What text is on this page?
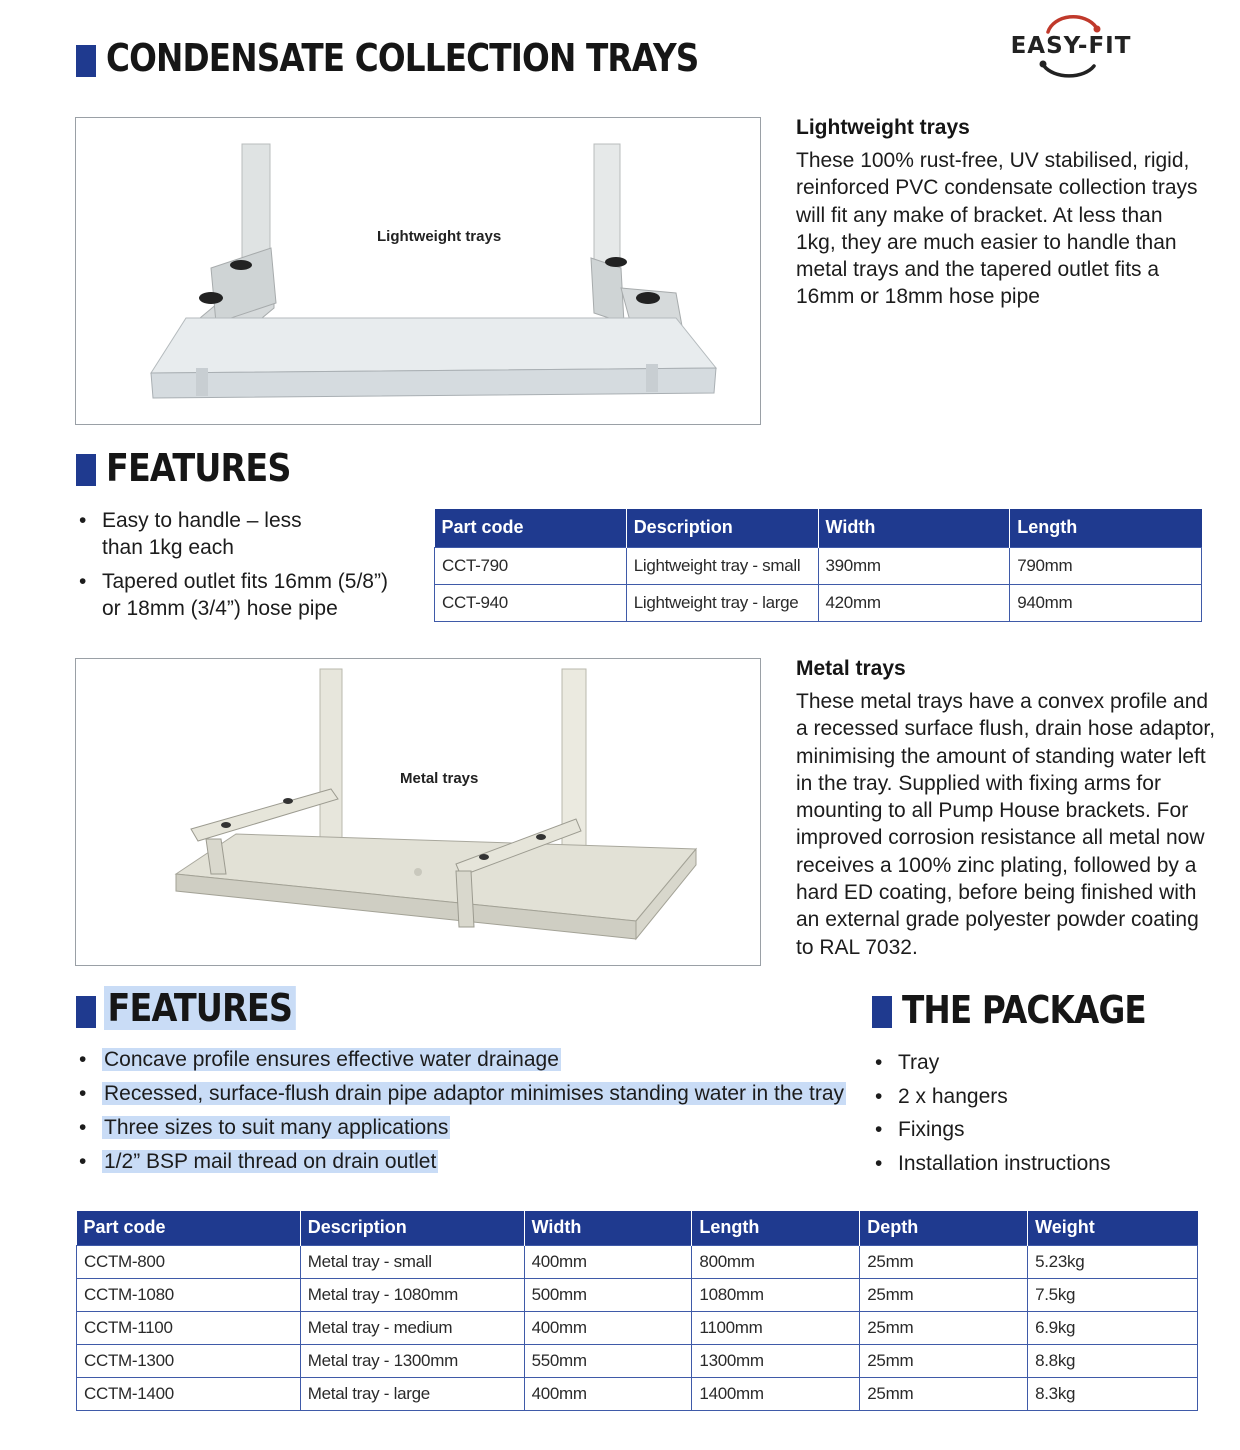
CONDENSATE COLLECTION TRAYS	EASY-FIT
Lightweight trays
Lightweight trays
These 100% rust-free, UV stabilised, rigid, reinforced PVC condensate collection trays will fit any make of bracket. At less than 1kg, they are much easier to handle than metal trays and the tapered outlet fits a 16mm or 18mm hose pipe
FEATURES
• Easy to handle – less than 1kg each
• Tapered outlet fits 16mm (5/8”) or 18mm (3/4”) hose pipe
Part code	Description	Width	Length
CCT-790	Lightweight tray - small	390mm	790mm
CCT-940	Lightweight tray - large	420mm	940mm
Metal trays
Metal trays
These metal trays have a convex profile and a recessed surface flush, drain hose adaptor, minimising the amount of standing water left in the tray. Supplied with fixing arms for mounting to all Pump House brackets. For improved corrosion resistance all metal now receives a 100% zinc plating, followed by a hard ED coating, before being finished with an external grade polyester powder coating to RAL 7032.
FEATURES
• Concave profile ensures effective water drainage
• Recessed, surface-flush drain pipe adaptor minimises standing water in the tray
• Three sizes to suit many applications
• 1/2” BSP mail thread on drain outlet
THE PACKAGE
• Tray
• 2 x hangers
• Fixings
• Installation instructions
Part code	Description	Width	Length	Depth	Weight
CCTM-800	Metal tray - small	400mm	800mm	25mm	5.23kg
CCTM-1080	Metal tray - 1080mm	500mm	1080mm	25mm	7.5kg
CCTM-1100	Metal tray - medium	400mm	1100mm	25mm	6.9kg
CCTM-1300	Metal tray - 1300mm	550mm	1300mm	25mm	8.8kg
CCTM-1400	Metal tray - large	400mm	1400mm	25mm	8.3kg
